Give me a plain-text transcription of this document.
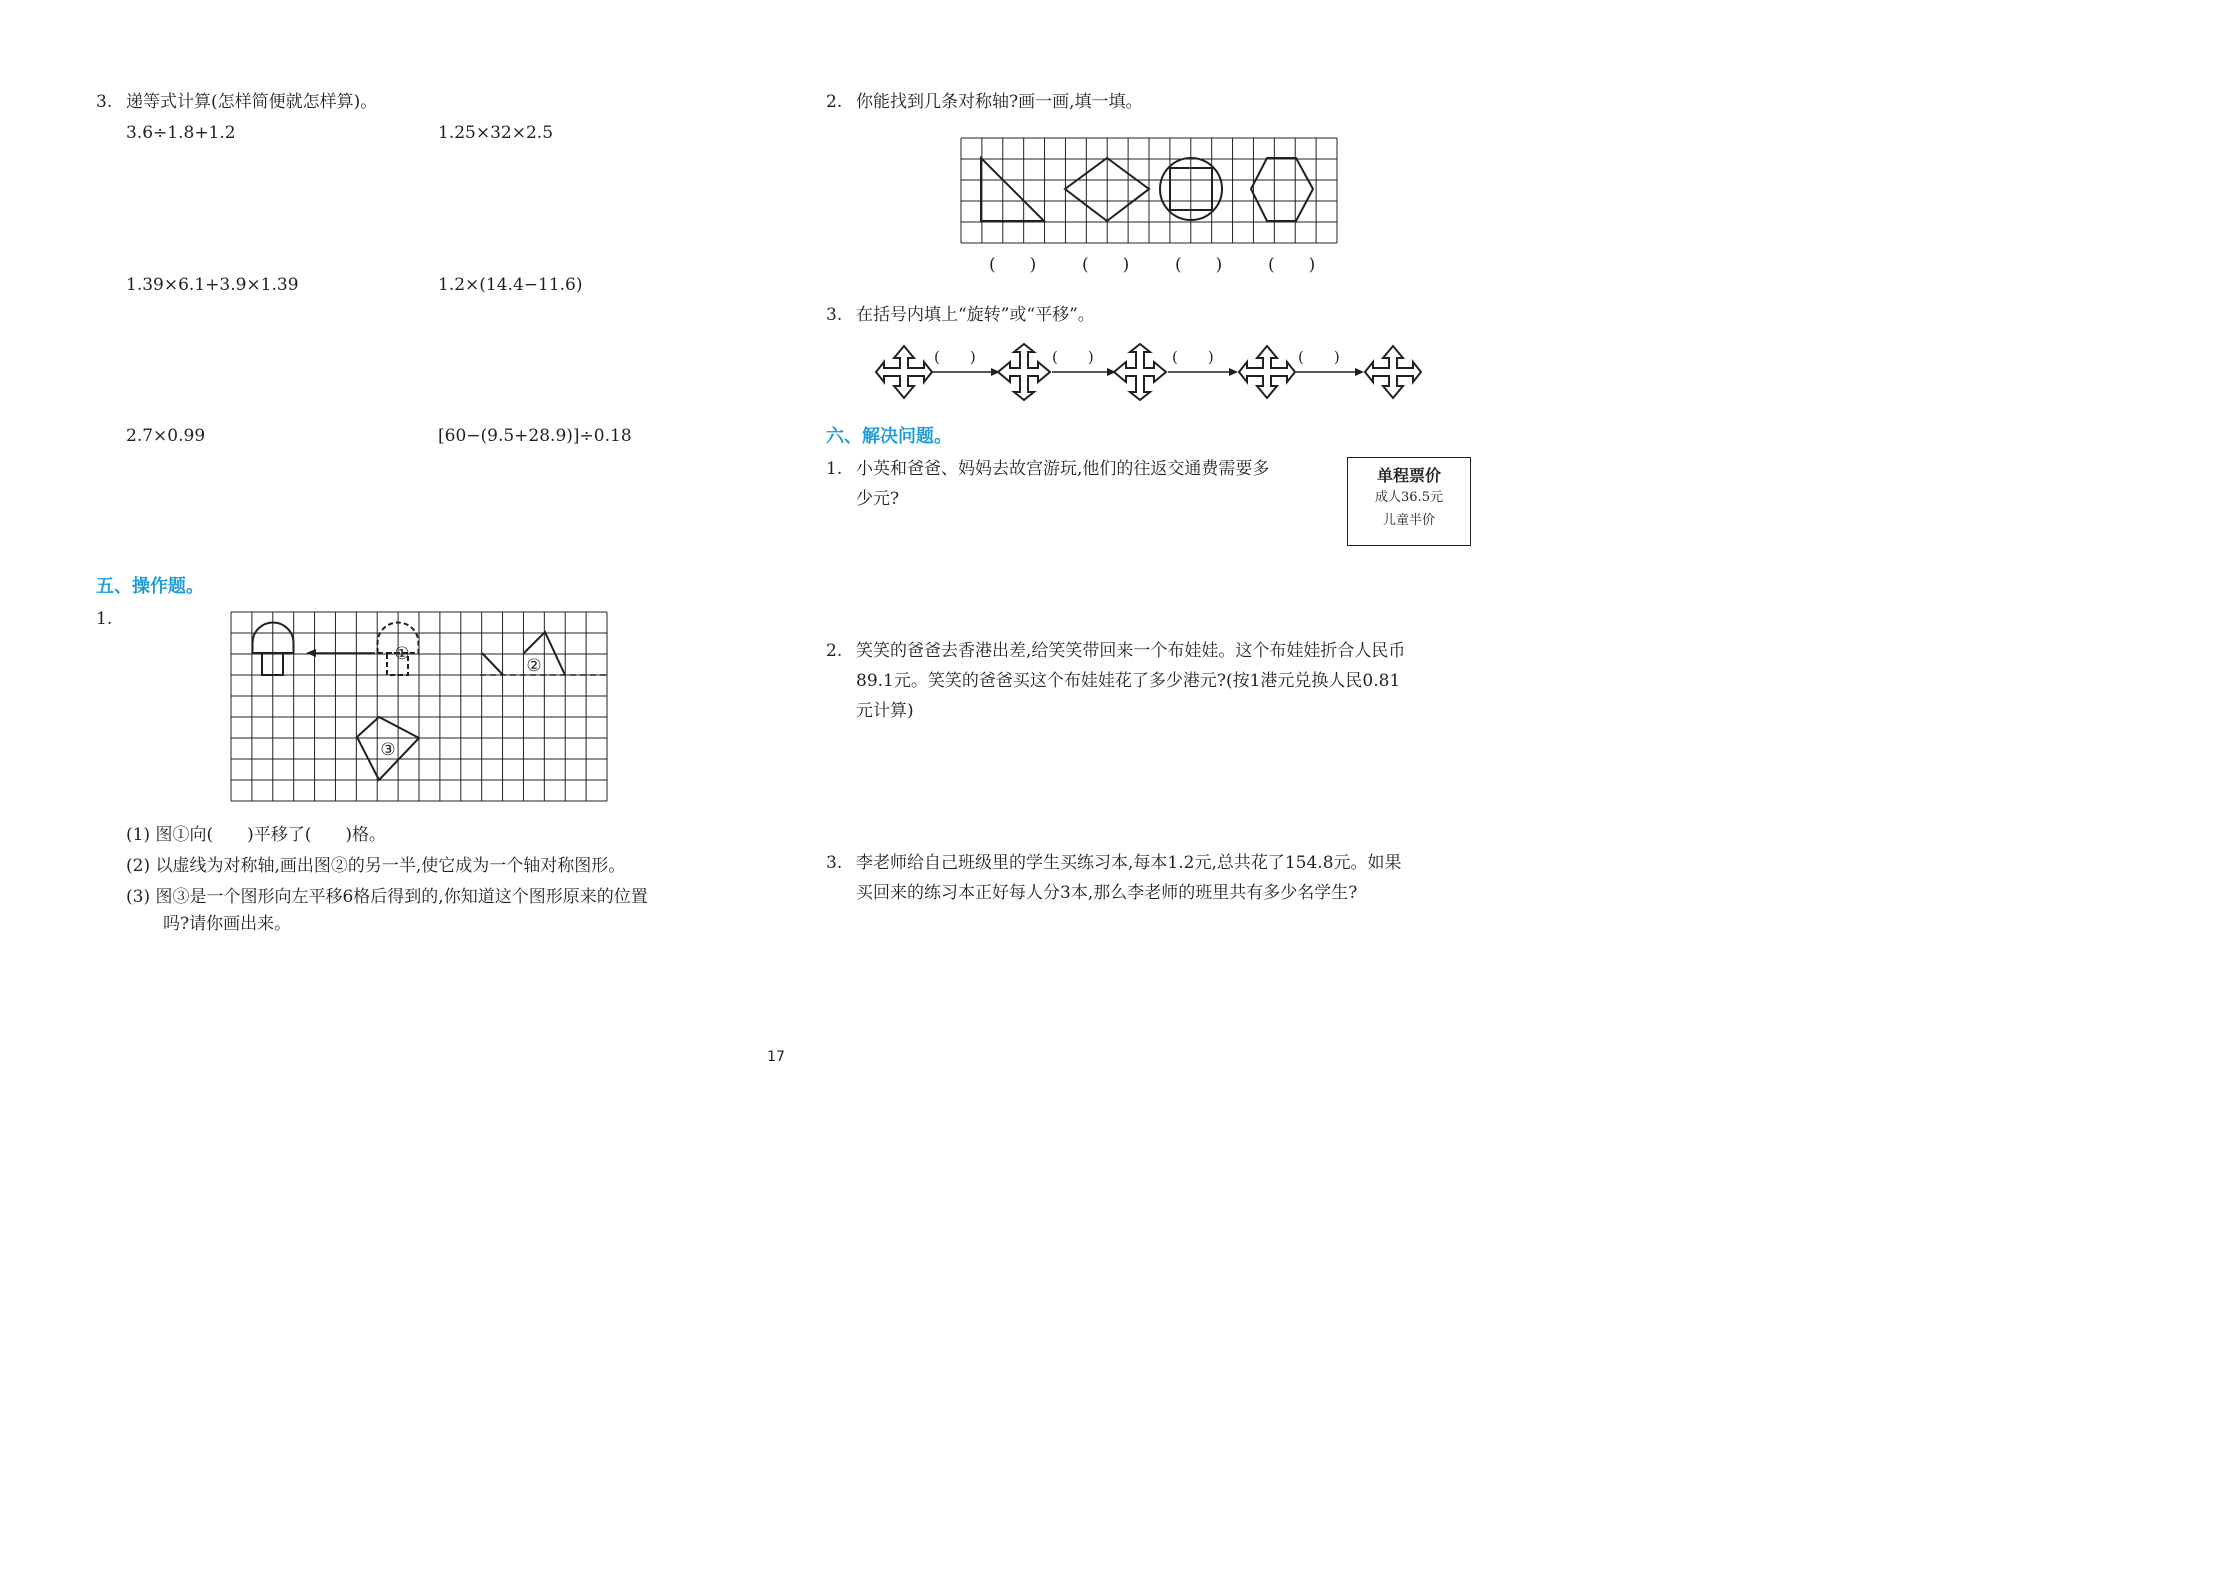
3. 递等式计算(怎样简便就怎样算)。

3.6÷1.8+1.2	1.25×32×2.5

1.39×6.1+3.9×1.39	1.2×(14.4−11.6)

2.7×0.99	[60−(9.5+28.9)]÷0.18

五、操作题。

1.

①
②
③

(1) 图①向(　　)平移了(　　)格。

(2) 以虚线为对称轴,画出图②的另一半,使它成为一个轴对称图形。

(3) 图③是一个图形向左平移6格后得到的,你知道这个图形原来的位置

吗?请你画出来。

2. 你能找到几条对称轴?画一画,填一填。

(　　)	(　　)	(　　)	(　　)

3. 在括号内填上“旋转”或“平移”。

(　　)	(　　)	(　　)	(　　)

六、解决问题。

1. 小英和爸爸、妈妈去故宫游玩,他们的往返交通费需要多

少元?

单程票价
成人36.5元
儿童半价

2. 笑笑的爸爸去香港出差,给笑笑带回来一个布娃娃。这个布娃娃折合人民币

89.1元。笑笑的爸爸买这个布娃娃花了多少港元?(按1港元兑换人民0.81

元计算)

3. 李老师给自己班级里的学生买练习本,每本1.2元,总共花了154.8元。如果

买回来的练习本正好每人分3本,那么李老师的班里共有多少名学生?

17
